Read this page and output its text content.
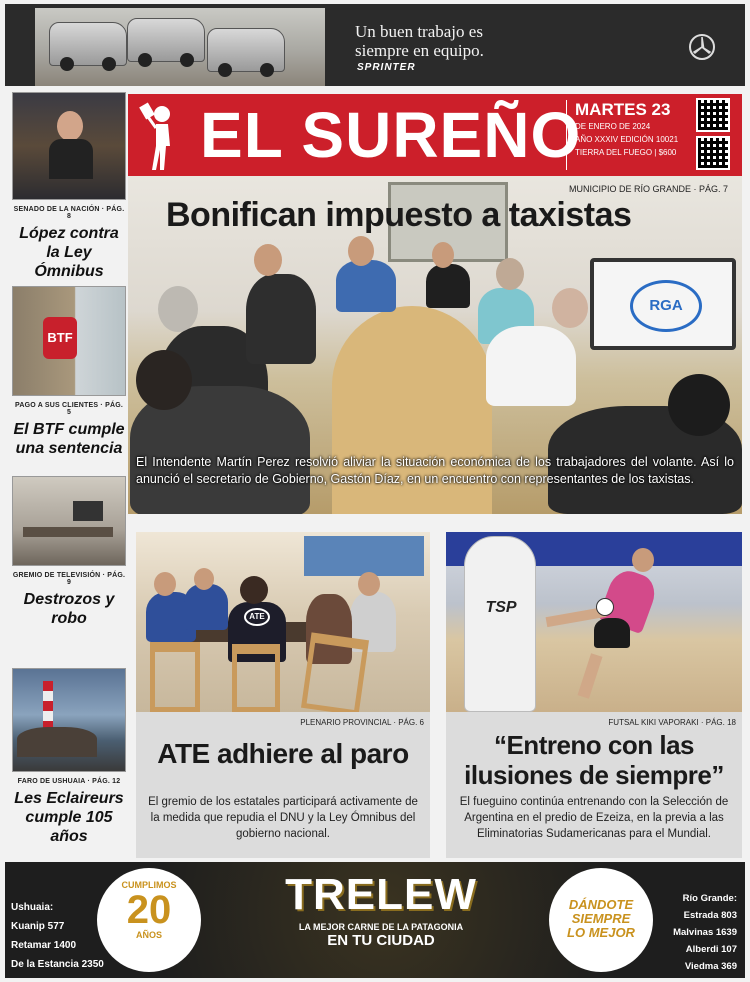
Un buen trabajo es
siempre en equipo.
SPRINTER
EL SUREÑO
MARTES 23
DE ENERO DE 2024
AÑO XXXIV EDICIÓN 10021
TIERRA DEL FUEGO | $600
SENADO DE LA NACIÓN · PÁG. 8
López contra la Ley Ómnibus
BTF
PAGO A SUS CLIENTES · PÁG. 5
El BTF cumple una sentencia
GREMIO DE TELEVISIÓN · PÁG. 9
Destrozos y robo
FARO DE USHUAIA · PÁG. 12
Les Eclaireurs cumple 105 años
MUNICIPIO DE RÍO GRANDE · PÁG. 7
Bonifican impuesto a taxistas
RGA
El Intendente Martín Perez resolvió aliviar la situación económica de los trabajadores del volante. Así lo anunció el secretario de Gobierno, Gastón Díaz, en un encuentro con representantes de los taxistas.
ATE
PLENARIO PROVINCIAL · PÁG. 6
ATE adhiere al paro

El gremio de los estatales participará activamente de la medida que repudia el DNU y la Ley Ómnibus del gobierno nacional.

TSP
FUTSAL KIKI VAPORAKI · PÁG. 18
“Entreno con las ilusiones de siempre”

El fueguino continúa entrenando con la Selección de Argentina en el predio de Ezeiza, en la previa a las Eliminatorias Sudamericanas para el Mundial.

Ushuaia:
Kuanip 577
Retamar 1400
De la Estancia 2350
CUMPLIMOS
20
AÑOS
TRELEW
LA MEJOR CARNE DE LA PATAGONIA
EN TU CIUDAD
DÁNDOTE SIEMPRE LO MEJOR
Río Grande:
Estrada 803
Malvinas 1639
Alberdi 107
Viedma 369
